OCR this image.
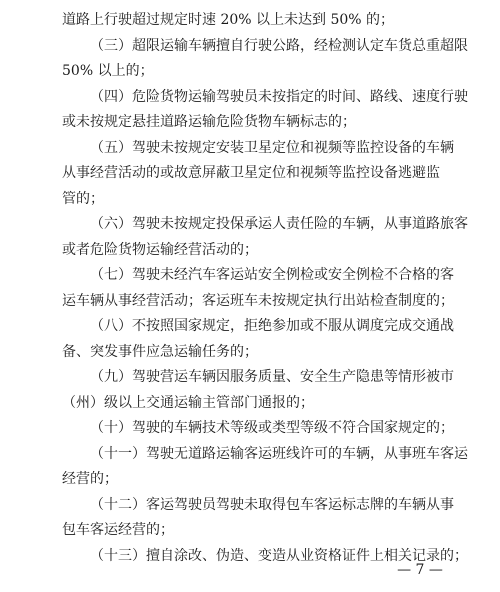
道路上行驶超过规定时速 20% 以上未达到 50% 的；
（三）超限运输车辆擅自行驶公路，经检测认定车货总重超限
50% 以上的；
（四）危险货物运输驾驶员未按指定的时间、路线、速度行驶
或未按规定悬挂道路运输危险货物车辆标志的；
（五）驾驶未按规定安装卫星定位和视频等监控设备的车辆
从事经营活动的或故意屏蔽卫星定位和视频等监控设备逃避监
管的；
（六）驾驶未按规定投保承运人责任险的车辆，从事道路旅客
或者危险货物运输经营活动的；
（七）驾驶未经汽车客运站安全例检或安全例检不合格的客
运车辆从事经营活动；客运班车未按规定执行出站检查制度的；
（八）不按照国家规定，拒绝参加或不服从调度完成交通战
备、突发事件应急运输任务的；
（九）驾驶营运车辆因服务质量、安全生产隐患等情形被市
（州）级以上交通运输主管部门通报的；
（十）驾驶的车辆技术等级或类型等级不符合国家规定的；
（十一）驾驶无道路运输客运班线许可的车辆，从事班车客运
经营的；
（十二）客运驾驶员驾驶未取得包车客运标志牌的车辆从事
包车客运经营的；
（十三）擅自涂改、伪造、变造从业资格证件上相关记录的；
— 7 —
